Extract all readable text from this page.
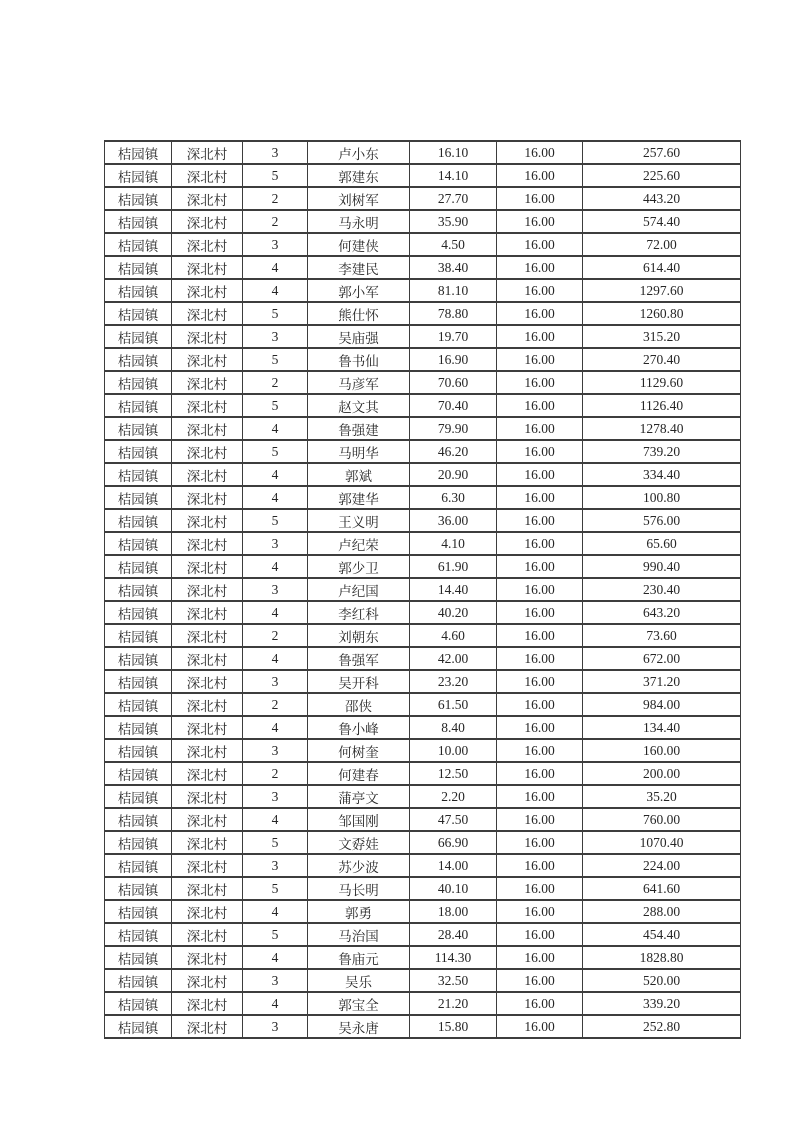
桔园镇	深北村	3	卢小东	16.10	16.00	257.60
桔园镇	深北村	5	郭建东	14.10	16.00	225.60
桔园镇	深北村	2	刘树军	27.70	16.00	443.20
桔园镇	深北村	2	马永明	35.90	16.00	574.40
桔园镇	深北村	3	何建侠	4.50	16.00	72.00
桔园镇	深北村	4	李建民	38.40	16.00	614.40
桔园镇	深北村	4	郭小军	81.10	16.00	1297.60
桔园镇	深北村	5	熊仕怀	78.80	16.00	1260.80
桔园镇	深北村	3	吴庙强	19.70	16.00	315.20
桔园镇	深北村	5	鲁书仙	16.90	16.00	270.40
桔园镇	深北村	2	马彦军	70.60	16.00	1129.60
桔园镇	深北村	5	赵文其	70.40	16.00	1126.40
桔园镇	深北村	4	鲁强建	79.90	16.00	1278.40
桔园镇	深北村	5	马明华	46.20	16.00	739.20
桔园镇	深北村	4	郭斌	20.90	16.00	334.40
桔园镇	深北村	4	郭建华	6.30	16.00	100.80
桔园镇	深北村	5	王义明	36.00	16.00	576.00
桔园镇	深北村	3	卢纪荣	4.10	16.00	65.60
桔园镇	深北村	4	郭少卫	61.90	16.00	990.40
桔园镇	深北村	3	卢纪国	14.40	16.00	230.40
桔园镇	深北村	4	李红科	40.20	16.00	643.20
桔园镇	深北村	2	刘朝东	4.60	16.00	73.60
桔园镇	深北村	4	鲁强军	42.00	16.00	672.00
桔园镇	深北村	3	吴开科	23.20	16.00	371.20
桔园镇	深北村	2	邵侠	61.50	16.00	984.00
桔园镇	深北村	4	鲁小峰	8.40	16.00	134.40
桔园镇	深北村	3	何树奎	10.00	16.00	160.00
桔园镇	深北村	2	何建春	12.50	16.00	200.00
桔园镇	深北村	3	蒲亭文	2.20	16.00	35.20
桔园镇	深北村	4	邹国刚	47.50	16.00	760.00
桔园镇	深北村	5	文孬娃	66.90	16.00	1070.40
桔园镇	深北村	3	苏少波	14.00	16.00	224.00
桔园镇	深北村	5	马长明	40.10	16.00	641.60
桔园镇	深北村	4	郭勇	18.00	16.00	288.00
桔园镇	深北村	5	马治国	28.40	16.00	454.40
桔园镇	深北村	4	鲁庙元	114.30	16.00	1828.80
桔园镇	深北村	3	吴乐	32.50	16.00	520.00
桔园镇	深北村	4	郭宝全	21.20	16.00	339.20
桔园镇	深北村	3	吴永唐	15.80	16.00	252.80
